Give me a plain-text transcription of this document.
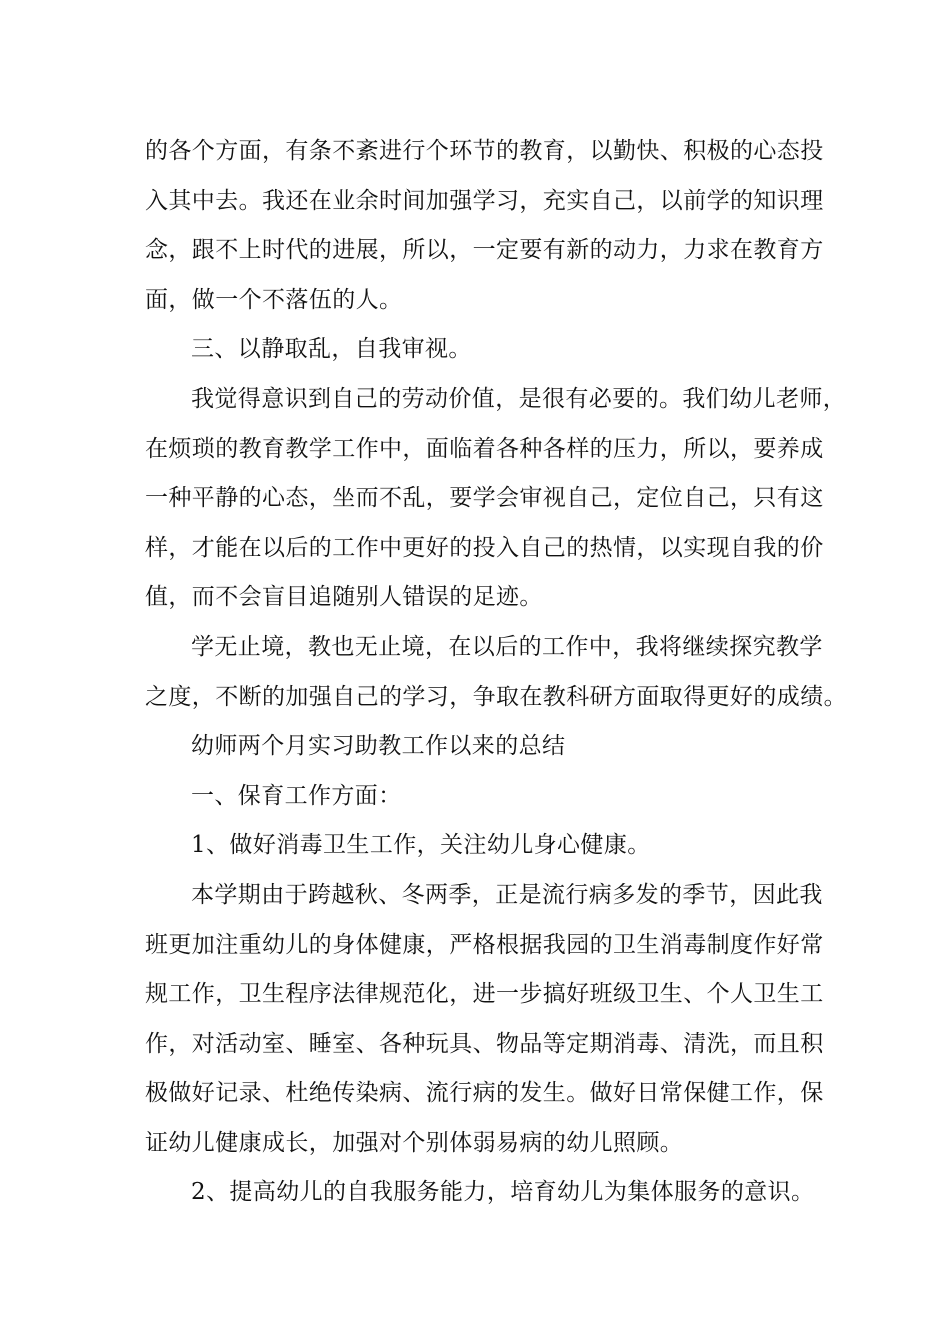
的各个方面，有条不紊进行个环节的教育，以勤快、积极的心态投
入其中去。我还在业余时间加强学习，充实自己，以前学的知识理
念，跟不上时代的进展，所以，一定要有新的动力，力求在教育方
面，做一个不落伍的人。

三、以静取乱，自我审视。

我觉得意识到自己的劳动价值，是很有必要的。我们幼儿老师，
在烦琐的教育教学工作中，面临着各种各样的压力，所以，要养成
一种平静的心态，坐而不乱，要学会审视自己，定位自己，只有这
样，才能在以后的工作中更好的投入自己的热情，以实现自我的价
值，而不会盲目追随别人错误的足迹。

学无止境，教也无止境，在以后的工作中，我将继续探究教学
之度，不断的加强自己的学习，争取在教科研方面取得更好的成绩。

幼师两个月实习助教工作以来的总结

一、保育工作方面：

1、做好消毒卫生工作，关注幼儿身心健康。

本学期由于跨越秋、冬两季，正是流行病多发的季节，因此我
班更加注重幼儿的身体健康，严格根据我园的卫生消毒制度作好常
规工作，卫生程序法律规范化，进一步搞好班级卫生、个人卫生工
作，对活动室、睡室、各种玩具、物品等定期消毒、清洗，而且积
极做好记录、杜绝传染病、流行病的发生。做好日常保健工作，保
证幼儿健康成长，加强对个别体弱易病的幼儿照顾。

2、提高幼儿的自我服务能力，培育幼儿为集体服务的意识。
